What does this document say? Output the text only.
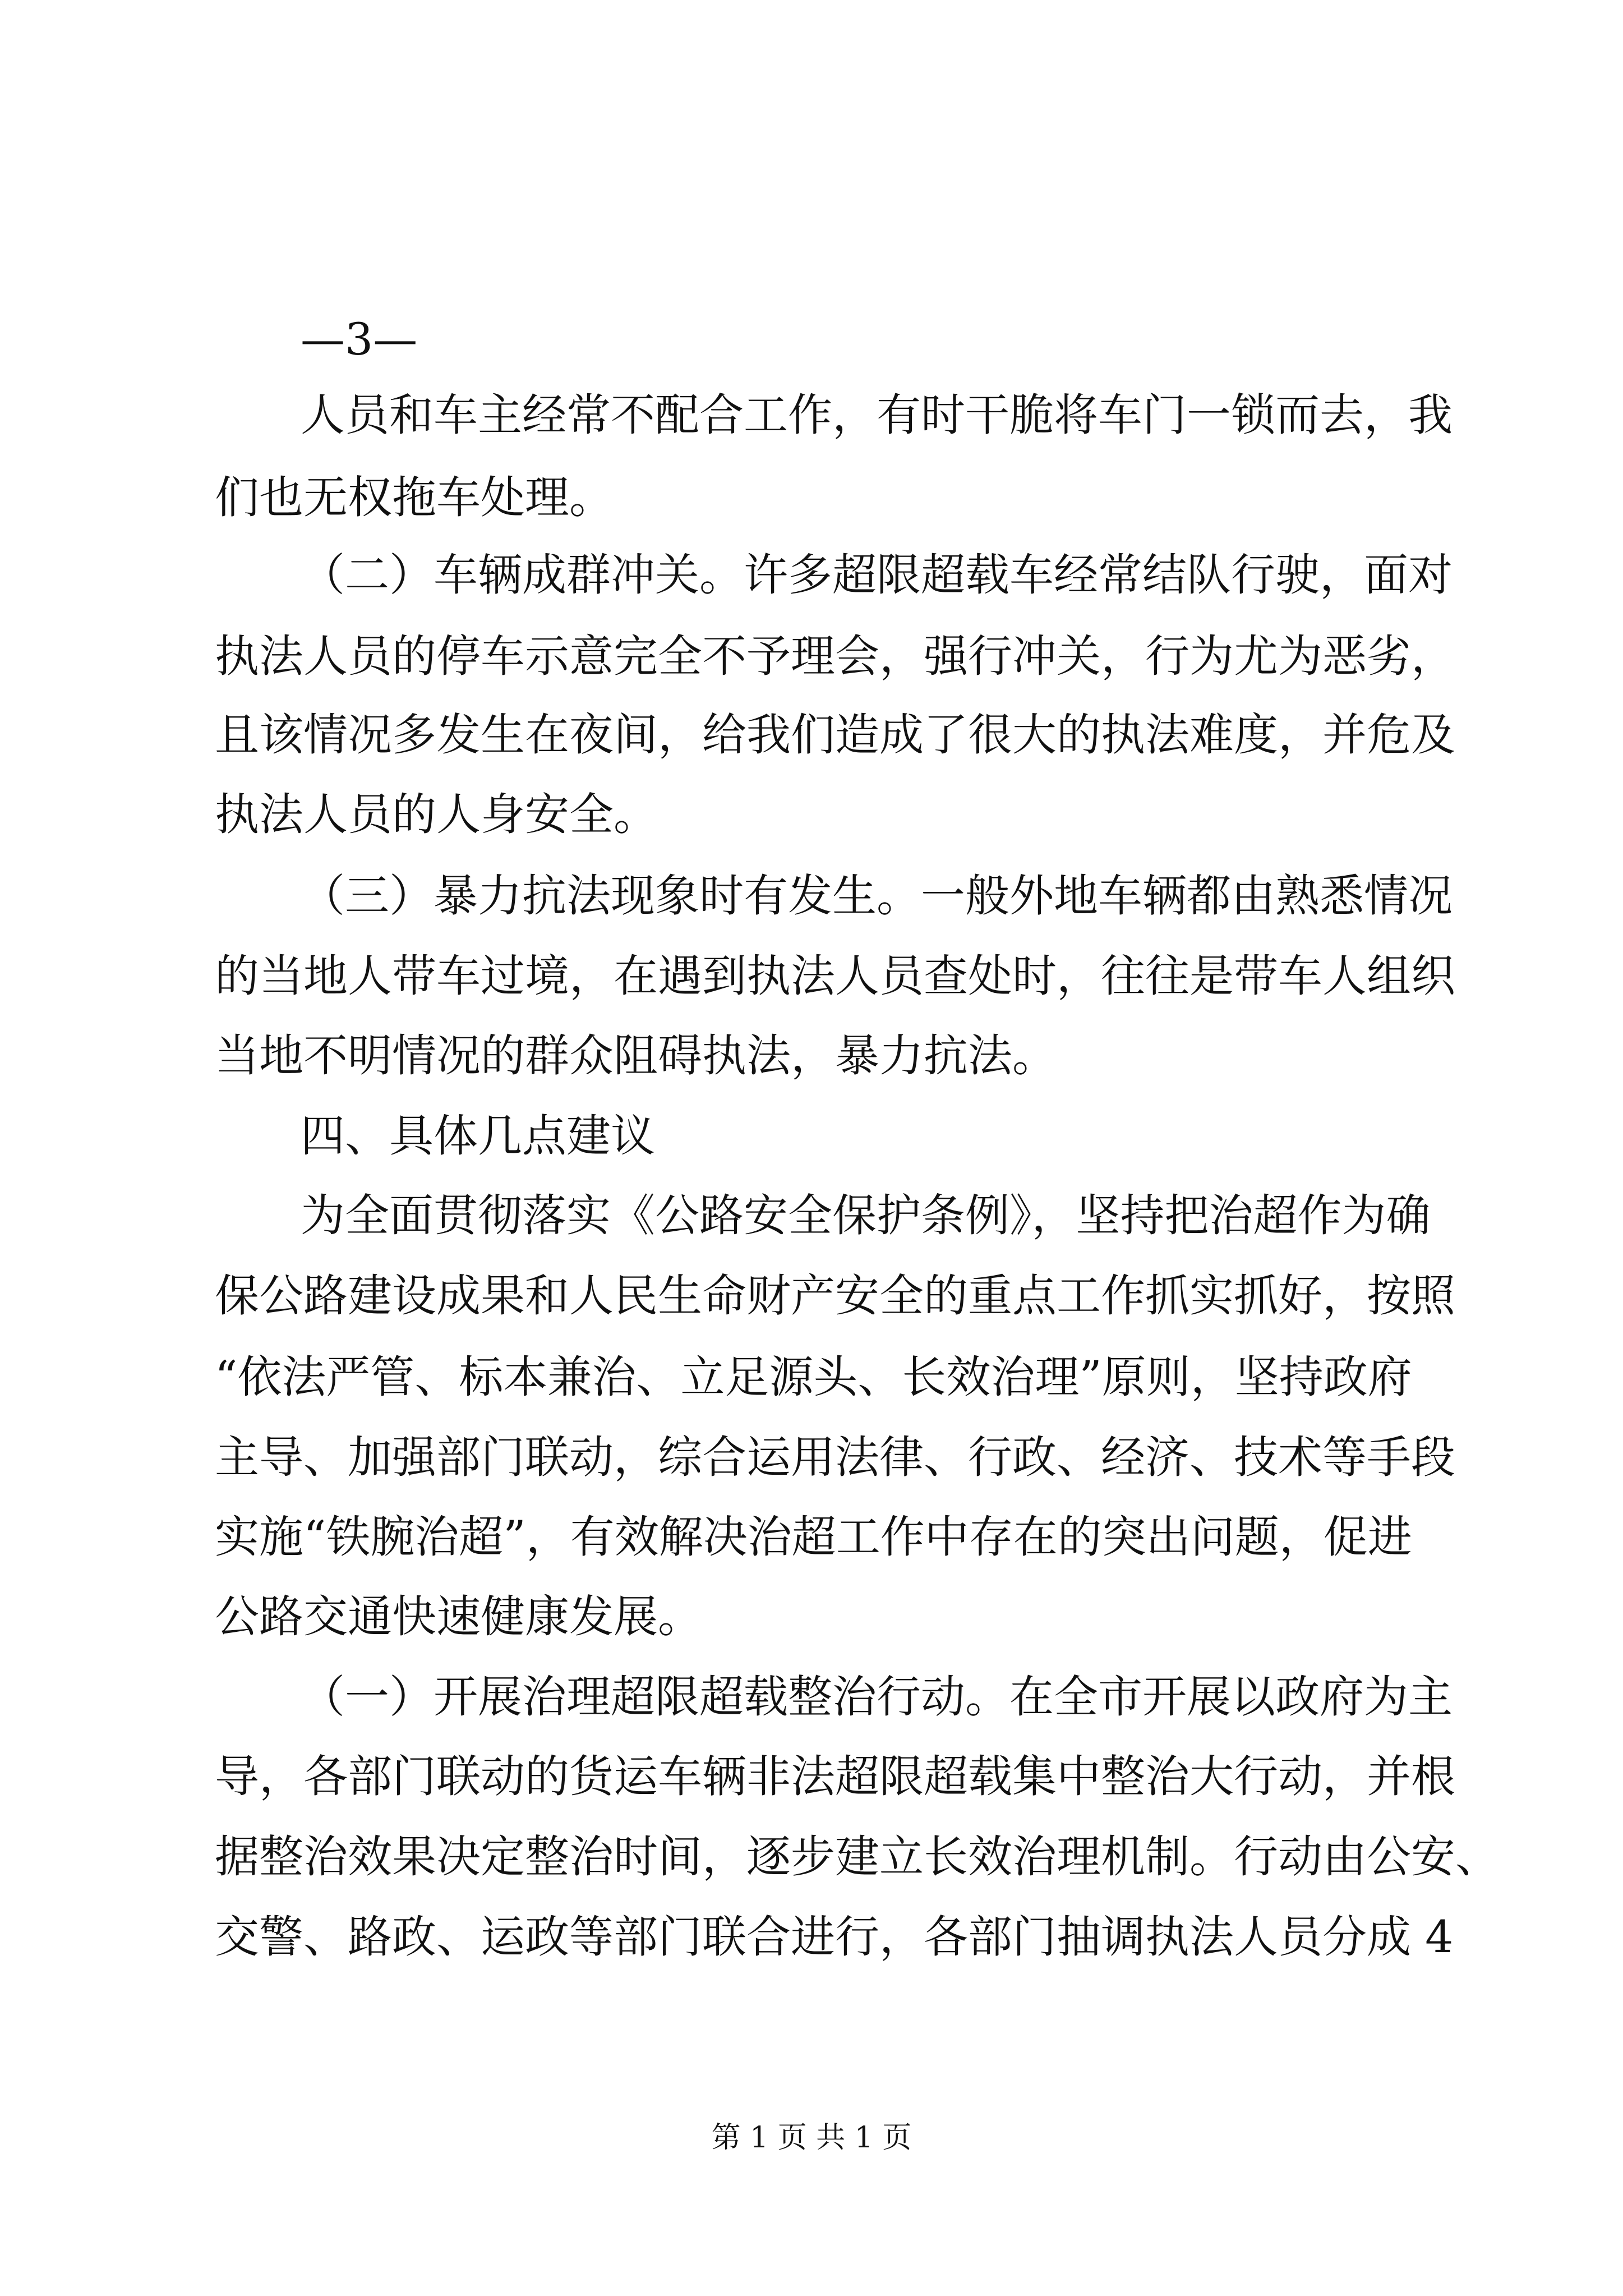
—3—
人员和车主经常不配合工作，有时干脆将车门一锁而去，我
们也无权拖车处理。
（二）车辆成群冲关。许多超限超载车经常结队行驶，面对
执法人员的停车示意完全不予理会，强行冲关，行为尤为恶劣，
且该情况多发生在夜间，给我们造成了很大的执法难度，并危及
执法人员的人身安全。
（三）暴力抗法现象时有发生。一般外地车辆都由熟悉情况
的当地人带车过境，在遇到执法人员查处时，往往是带车人组织
当地不明情况的群众阻碍执法，暴力抗法。
四、具体几点建议
为全面贯彻落实《公路安全保护条例》，坚持把治超作为确
保公路建设成果和人民生命财产安全的重点工作抓实抓好，按照
“依法严管、标本兼治、立足源头、长效治理”原则，坚持政府
主导、加强部门联动，综合运用法律、行政、经济、技术等手段
实施“铁腕治超”，有效解决治超工作中存在的突出问题，促进
公路交通快速健康发展。
（一）开展治理超限超载整治行动。在全市开展以政府为主
导，各部门联动的货运车辆非法超限超载集中整治大行动，并根
据整治效果决定整治时间，逐步建立长效治理机制。行动由公安、
交警、路政、运政等部门联合进行，各部门抽调执法人员分成 4
第 1 页 共 1 页
